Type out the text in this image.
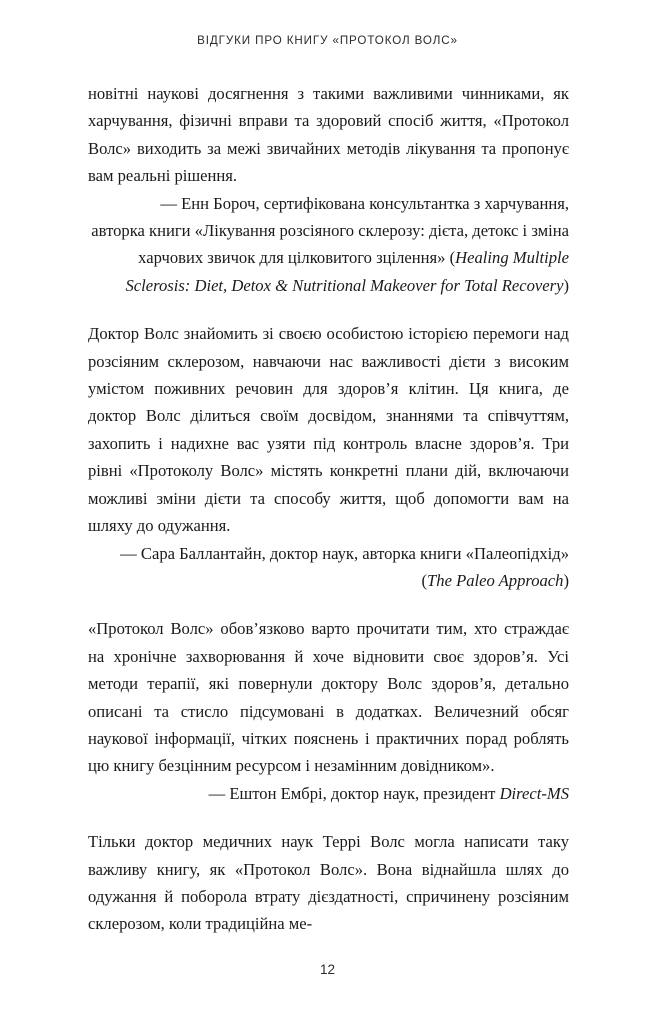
ВІДГУКИ ПРО КНИГУ «ПРОТОКОЛ ВОЛС»

новітні наукові досягнення з такими важливими чинниками, як харчування, фізичні вправи та здоровий спосіб життя, «Протокол Волс» виходить за межі звичайних методів лікування та пропонує вам реальні рішення.

— Енн Бороч, сертифікована консультантка з харчування, авторка книги «Лікування розсіяного склерозу: дієта, детокс і зміна харчових звичок для цілковитого зцілення» (Healing Multiple Sclerosis: Diet, Detox & Nutritional Makeover for Total Recovery)

Доктор Волс знайомить зі своєю особистою історією перемоги над розсіяним склерозом, навчаючи нас важливості дієти з високим умістом поживних речовин для здоров’я клітин. Ця книга, де доктор Волс ділиться своїм досвідом, знаннями та співчуттям, захопить і надихне вас узяти під контроль власне здоров’я. Три рівні «Протоколу Волс» містять конкретні плани дій, включаючи можливі зміни дієти та способу життя, щоб допомогти вам на шляху до одужання.

— Сара Баллантайн, доктор наук, авторка книги «Палеопідхід» (The Paleo Approach)

«Протокол Волс» обов’язково варто прочитати тим, хто страждає на хронічне захворювання й хоче відновити своє здоров’я. Усі методи терапії, які повернули доктору Волс здоров’я, детально описані та стисло підсумовані в додатках. Величезний обсяг наукової інформації, чітких пояснень і практичних порад роблять цю книгу безцінним ресурсом і незамінним довідником».

— Ештон Ембрі, доктор наук, президент Direct-MS

Тільки доктор медичних наук Террі Волс могла написати таку важливу книгу, як «Протокол Волс». Вона віднайшла шлях до одужання й поборола втрату дієздатності, спричинену розсіяним склерозом, коли традиційна ме-

12
